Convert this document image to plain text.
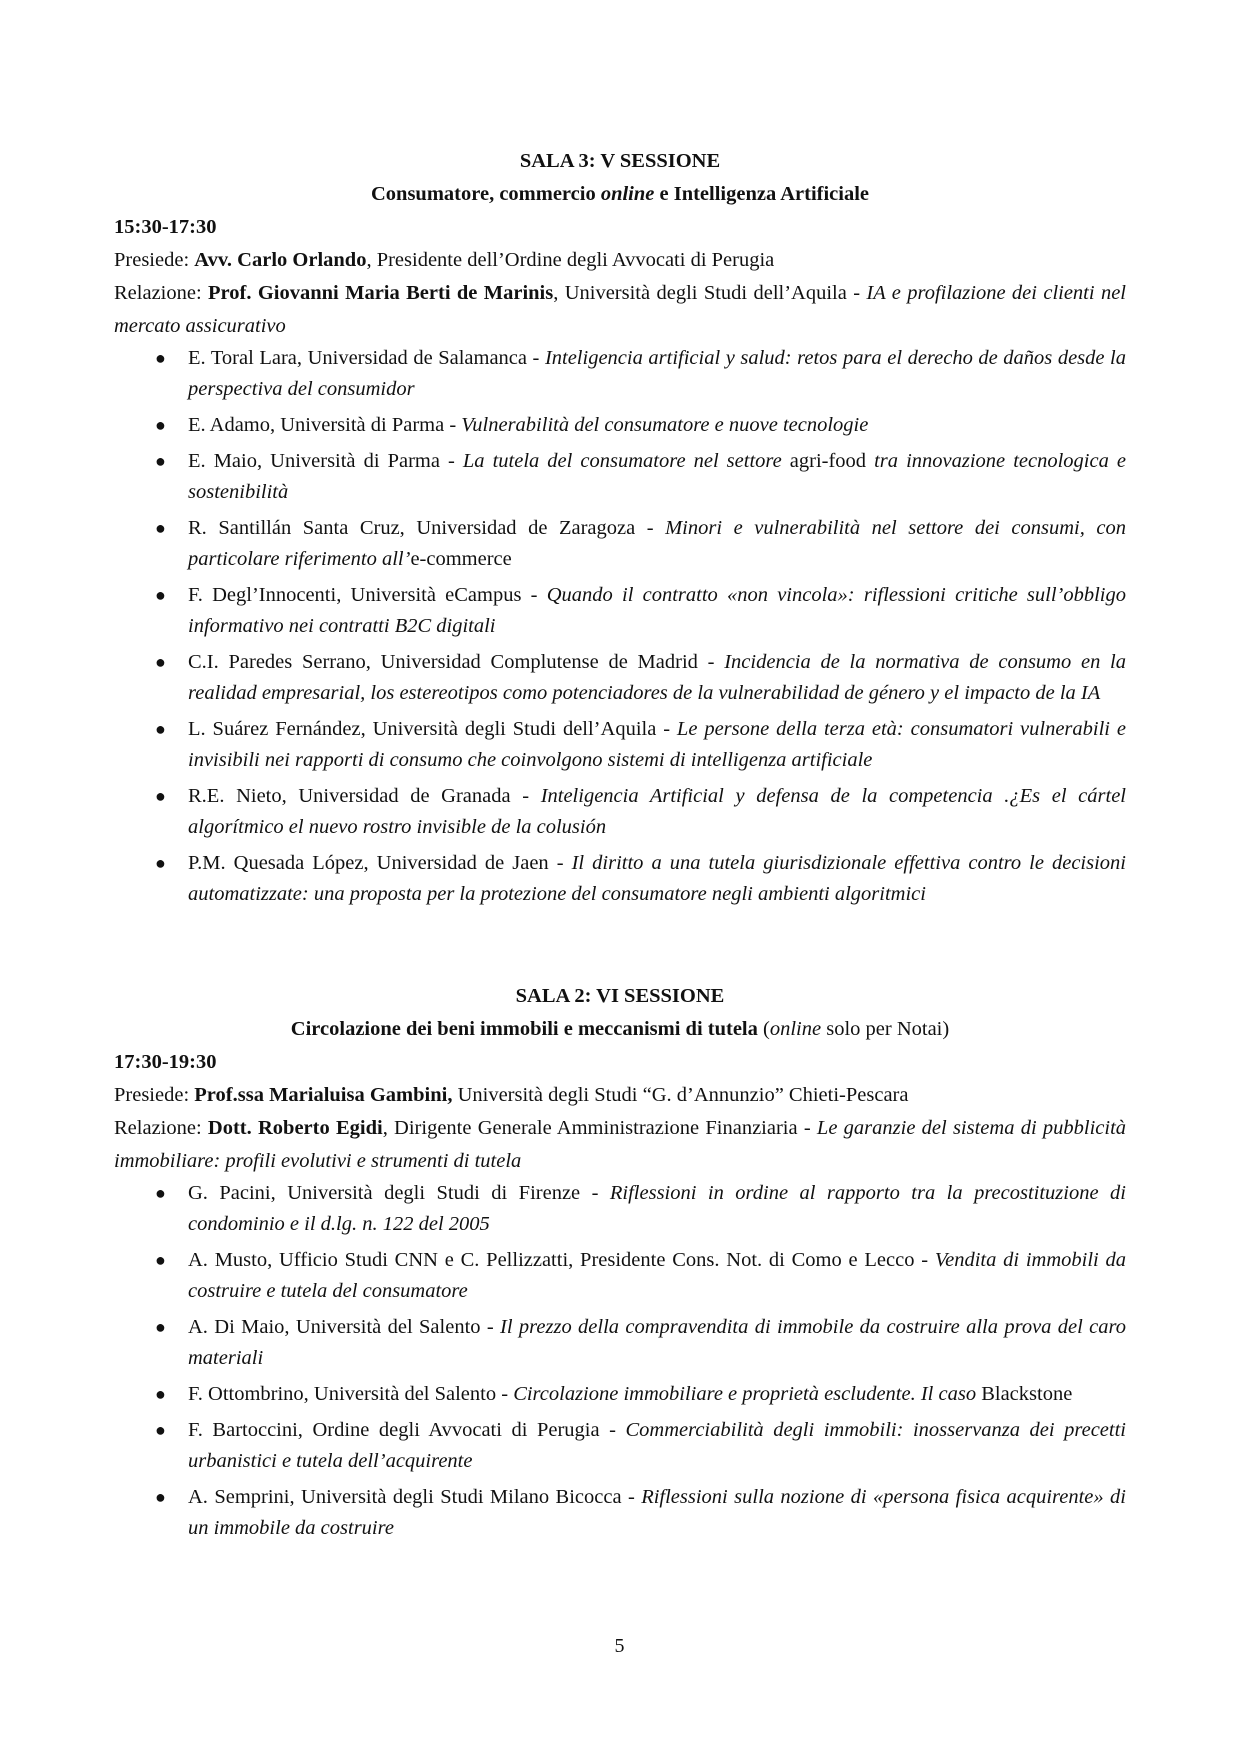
SALA 3: V SESSIONE
Consumatore, commercio online e Intelligenza Artificiale
15:30-17:30
Presiede: Avv. Carlo Orlando, Presidente dell’Ordine degli Avvocati di Perugia
Relazione: Prof. Giovanni Maria Berti de Marinis, Università degli Studi dell’Aquila - IA e profilazione dei clienti nel mercato assicurativo
● E. Toral Lara, Universidad de Salamanca - Inteligencia artificial y salud: retos para el derecho de daños desde la perspectiva del consumidor
● E. Adamo, Università di Parma - Vulnerabilità del consumatore e nuove tecnologie
● E. Maio, Università di Parma - La tutela del consumatore nel settore agri-food tra innovazione tecnologica e sostenibilità
● R. Santillán Santa Cruz, Universidad de Zaragoza - Minori e vulnerabilità nel settore dei consumi, con particolare riferimento all’e-commerce
● F. Degl’Innocenti, Università eCampus - Quando il contratto «non vincola»: riflessioni critiche sull’obbligo informativo nei contratti B2C digitali
● C.I. Paredes Serrano, Universidad Complutense de Madrid - Incidencia de la normativa de consumo en la realidad empresarial, los estereotipos como potenciadores de la vulnerabilidad de género y el impacto de la IA
● L. Suárez Fernández, Università degli Studi dell’Aquila - Le persone della terza età: consumatori vulnerabili e invisibili nei rapporti di consumo che coinvolgono sistemi di intelligenza artificiale
● R.E. Nieto, Universidad de Granada - Inteligencia Artificial y defensa de la competencia .¿Es el cártel algorítmico el nuevo rostro invisible de la colusión
● P.M. Quesada López, Universidad de Jaen - Il diritto a una tutela giurisdizionale effettiva contro le decisioni automatizzate: una proposta per la protezione del consumatore negli ambienti algoritmici
SALA 2: VI SESSIONE
Circolazione dei beni immobili e meccanismi di tutela (online solo per Notai)
17:30-19:30
Presiede: Prof.ssa Marialuisa Gambini, Università degli Studi “G. d’Annunzio” Chieti-Pescara
Relazione: Dott. Roberto Egidi, Dirigente Generale Amministrazione Finanziaria - Le garanzie del sistema di pubblicità immobiliare: profili evolutivi e strumenti di tutela
● G. Pacini, Università degli Studi di Firenze - Riflessioni in ordine al rapporto tra la precostituzione di condominio e il d.lg. n. 122 del 2005
● A. Musto, Ufficio Studi CNN e C. Pellizzatti, Presidente Cons. Not. di Como e Lecco - Vendita di immobili da costruire e tutela del consumatore
● A. Di Maio, Università del Salento - Il prezzo della compravendita di immobile da costruire alla prova del caro materiali
● F. Ottombrino, Università del Salento - Circolazione immobiliare e proprietà escludente. Il caso Blackstone
● F. Bartoccini, Ordine degli Avvocati di Perugia - Commerciabilità degli immobili: inosservanza dei precetti urbanistici e tutela dell’acquirente
● A. Semprini, Università degli Studi Milano Bicocca - Riflessioni sulla nozione di «persona fisica acquirente» di un immobile da costruire
5
